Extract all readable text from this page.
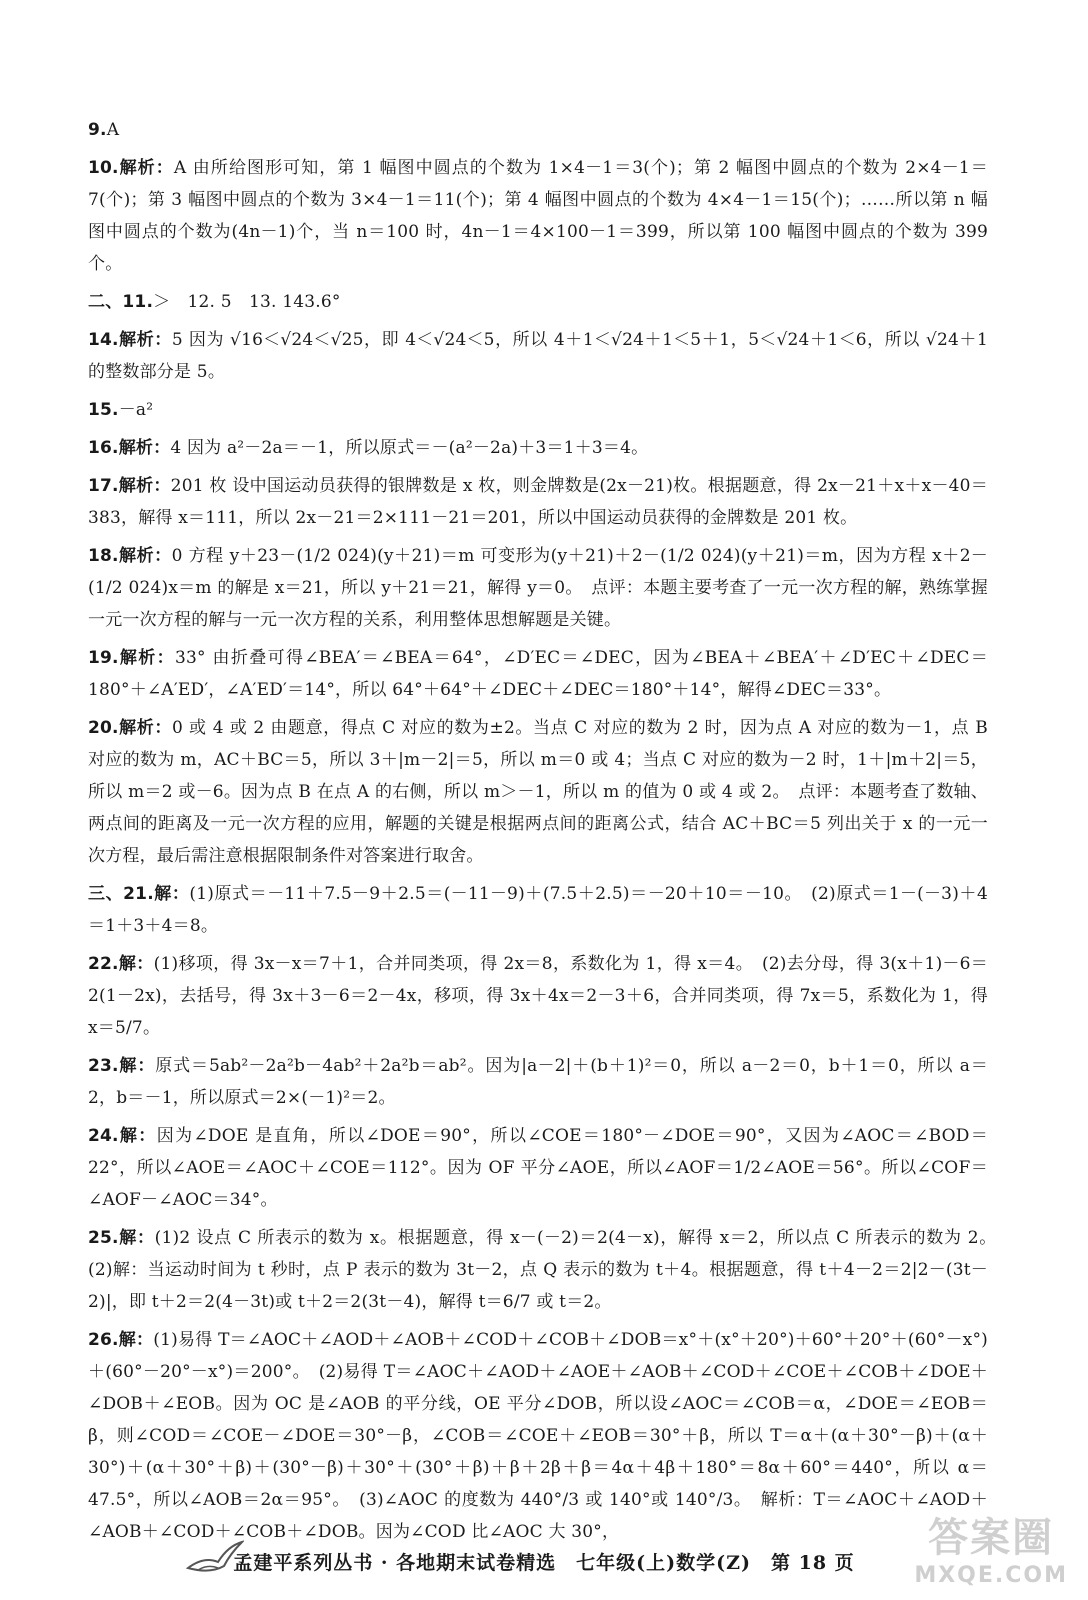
9.A

10.解析：A 由所给图形可知，第 1 幅图中圆点的个数为 1×4－1＝3(个)；第 2 幅图中圆点的个数为 2×4－1＝7(个)；第 3 幅图中圆点的个数为 3×4－1＝11(个)；第 4 幅图中圆点的个数为 4×4－1＝15(个)；……所以第 n 幅图中圆点的个数为(4n－1)个，当 n＝100 时，4n－1＝4×100－1＝399，所以第 100 幅图中圆点的个数为 399 个。

二、11.＞　12. 5　13. 143.6°

14.解析：5 因为 √16＜√24＜√25，即 4＜√24＜5，所以 4＋1＜√24＋1＜5＋1，5＜√24＋1＜6，所以 √24＋1 的整数部分是 5。

15.－a²

16.解析：4 因为 a²－2a＝－1，所以原式＝－(a²－2a)＋3＝1＋3＝4。

17.解析：201 枚 设中国运动员获得的银牌数是 x 枚，则金牌数是(2x－21)枚。根据题意，得 2x－21＋x＋x－40＝383，解得 x＝111，所以 2x－21＝2×111－21＝201，所以中国运动员获得的金牌数是 201 枚。

18.解析：0 方程 y＋23－(1/2 024)(y＋21)＝m 可变形为(y＋21)＋2－(1/2 024)(y＋21)＝m，因为方程 x＋2－(1/2 024)x＝m 的解是 x＝21，所以 y＋21＝21，解得 y＝0。　点评：本题主要考查了一元一次方程的解，熟练掌握一元一次方程的解与一元一次方程的关系，利用整体思想解题是关键。

19.解析：33° 由折叠可得∠BEA′＝∠BEA＝64°，∠D′EC＝∠DEC，因为∠BEA＋∠BEA′＋∠D′EC＋∠DEC＝180°＋∠A′ED′，∠A′ED′＝14°，所以 64°＋64°＋∠DEC＋∠DEC＝180°＋14°，解得∠DEC＝33°。

20.解析：0 或 4 或 2 由题意，得点 C 对应的数为±2。当点 C 对应的数为 2 时，因为点 A 对应的数为－1，点 B 对应的数为 m，AC＋BC＝5，所以 3＋|m－2|＝5，所以 m＝0 或 4；当点 C 对应的数为－2 时，1＋|m＋2|＝5，所以 m＝2 或－6。因为点 B 在点 A 的右侧，所以 m＞－1，所以 m 的值为 0 或 4 或 2。　点评：本题考查了数轴、两点间的距离及一元一次方程的应用，解题的关键是根据两点间的距离公式，结合 AC＋BC＝5 列出关于 x 的一元一次方程，最后需注意根据限制条件对答案进行取舍。

三、21.解：(1)原式＝－11＋7.5－9＋2.5＝(－11－9)＋(7.5＋2.5)＝－20＋10＝－10。　(2)原式＝1－(－3)＋4＝1＋3＋4＝8。

22.解：(1)移项，得 3x－x＝7＋1，合并同类项，得 2x＝8，系数化为 1，得 x＝4。　(2)去分母，得 3(x＋1)－6＝2(1－2x)，去括号，得 3x＋3－6＝2－4x，移项，得 3x＋4x＝2－3＋6，合并同类项，得 7x＝5，系数化为 1，得 x＝5/7。

23.解：原式＝5ab²－2a²b－4ab²＋2a²b＝ab²。因为|a－2|＋(b＋1)²＝0，所以 a－2＝0，b＋1＝0，所以 a＝2，b＝－1，所以原式＝2×(－1)²＝2。

24.解：因为∠DOE 是直角，所以∠DOE＝90°，所以∠COE＝180°－∠DOE＝90°，又因为∠AOC＝∠BOD＝22°，所以∠AOE＝∠AOC＋∠COE＝112°。因为 OF 平分∠AOE，所以∠AOF＝1/2∠AOE＝56°。所以∠COF＝∠AOF－∠AOC＝34°。

25.解：(1)2 设点 C 所表示的数为 x。根据题意，得 x－(－2)＝2(4－x)，解得 x＝2，所以点 C 所表示的数为 2。　(2)解：当运动时间为 t 秒时，点 P 表示的数为 3t－2，点 Q 表示的数为 t＋4。根据题意，得 t＋4－2＝2|2－(3t－2)|，即 t＋2＝2(4－3t)或 t＋2＝2(3t－4)，解得 t＝6/7 或 t＝2。

26.解：(1)易得 T＝∠AOC＋∠AOD＋∠AOB＋∠COD＋∠COB＋∠DOB＝x°＋(x°＋20°)＋60°＋20°＋(60°－x°)＋(60°－20°－x°)＝200°。　(2)易得 T＝∠AOC＋∠AOD＋∠AOE＋∠AOB＋∠COD＋∠COE＋∠COB＋∠DOE＋∠DOB＋∠EOB。因为 OC 是∠AOB 的平分线，OE 平分∠DOB，所以设∠AOC＝∠COB＝α，∠DOE＝∠EOB＝β，则∠COD＝∠COE－∠DOE＝30°－β，∠COB＝∠COE＋∠EOB＝30°＋β，所以 T＝α＋(α＋30°－β)＋(α＋30°)＋(α＋30°＋β)＋(30°－β)＋30°＋(30°＋β)＋β＋2β＋β＝4α＋4β＋180°＝8α＋60°＝440°，所以 α＝47.5°，所以∠AOB＝2α＝95°。　(3)∠AOC 的度数为 440°/3 或 140°或 140°/3。　解析：T＝∠AOC＋∠AOD＋∠AOB＋∠COD＋∠COB＋∠DOB。因为∠COD 比∠AOC 大 30°，

孟建平系列丛书 · 各地期末试卷精选　七年级(上)数学(Z)　第 18 页
答案圈
MXQE.COM
